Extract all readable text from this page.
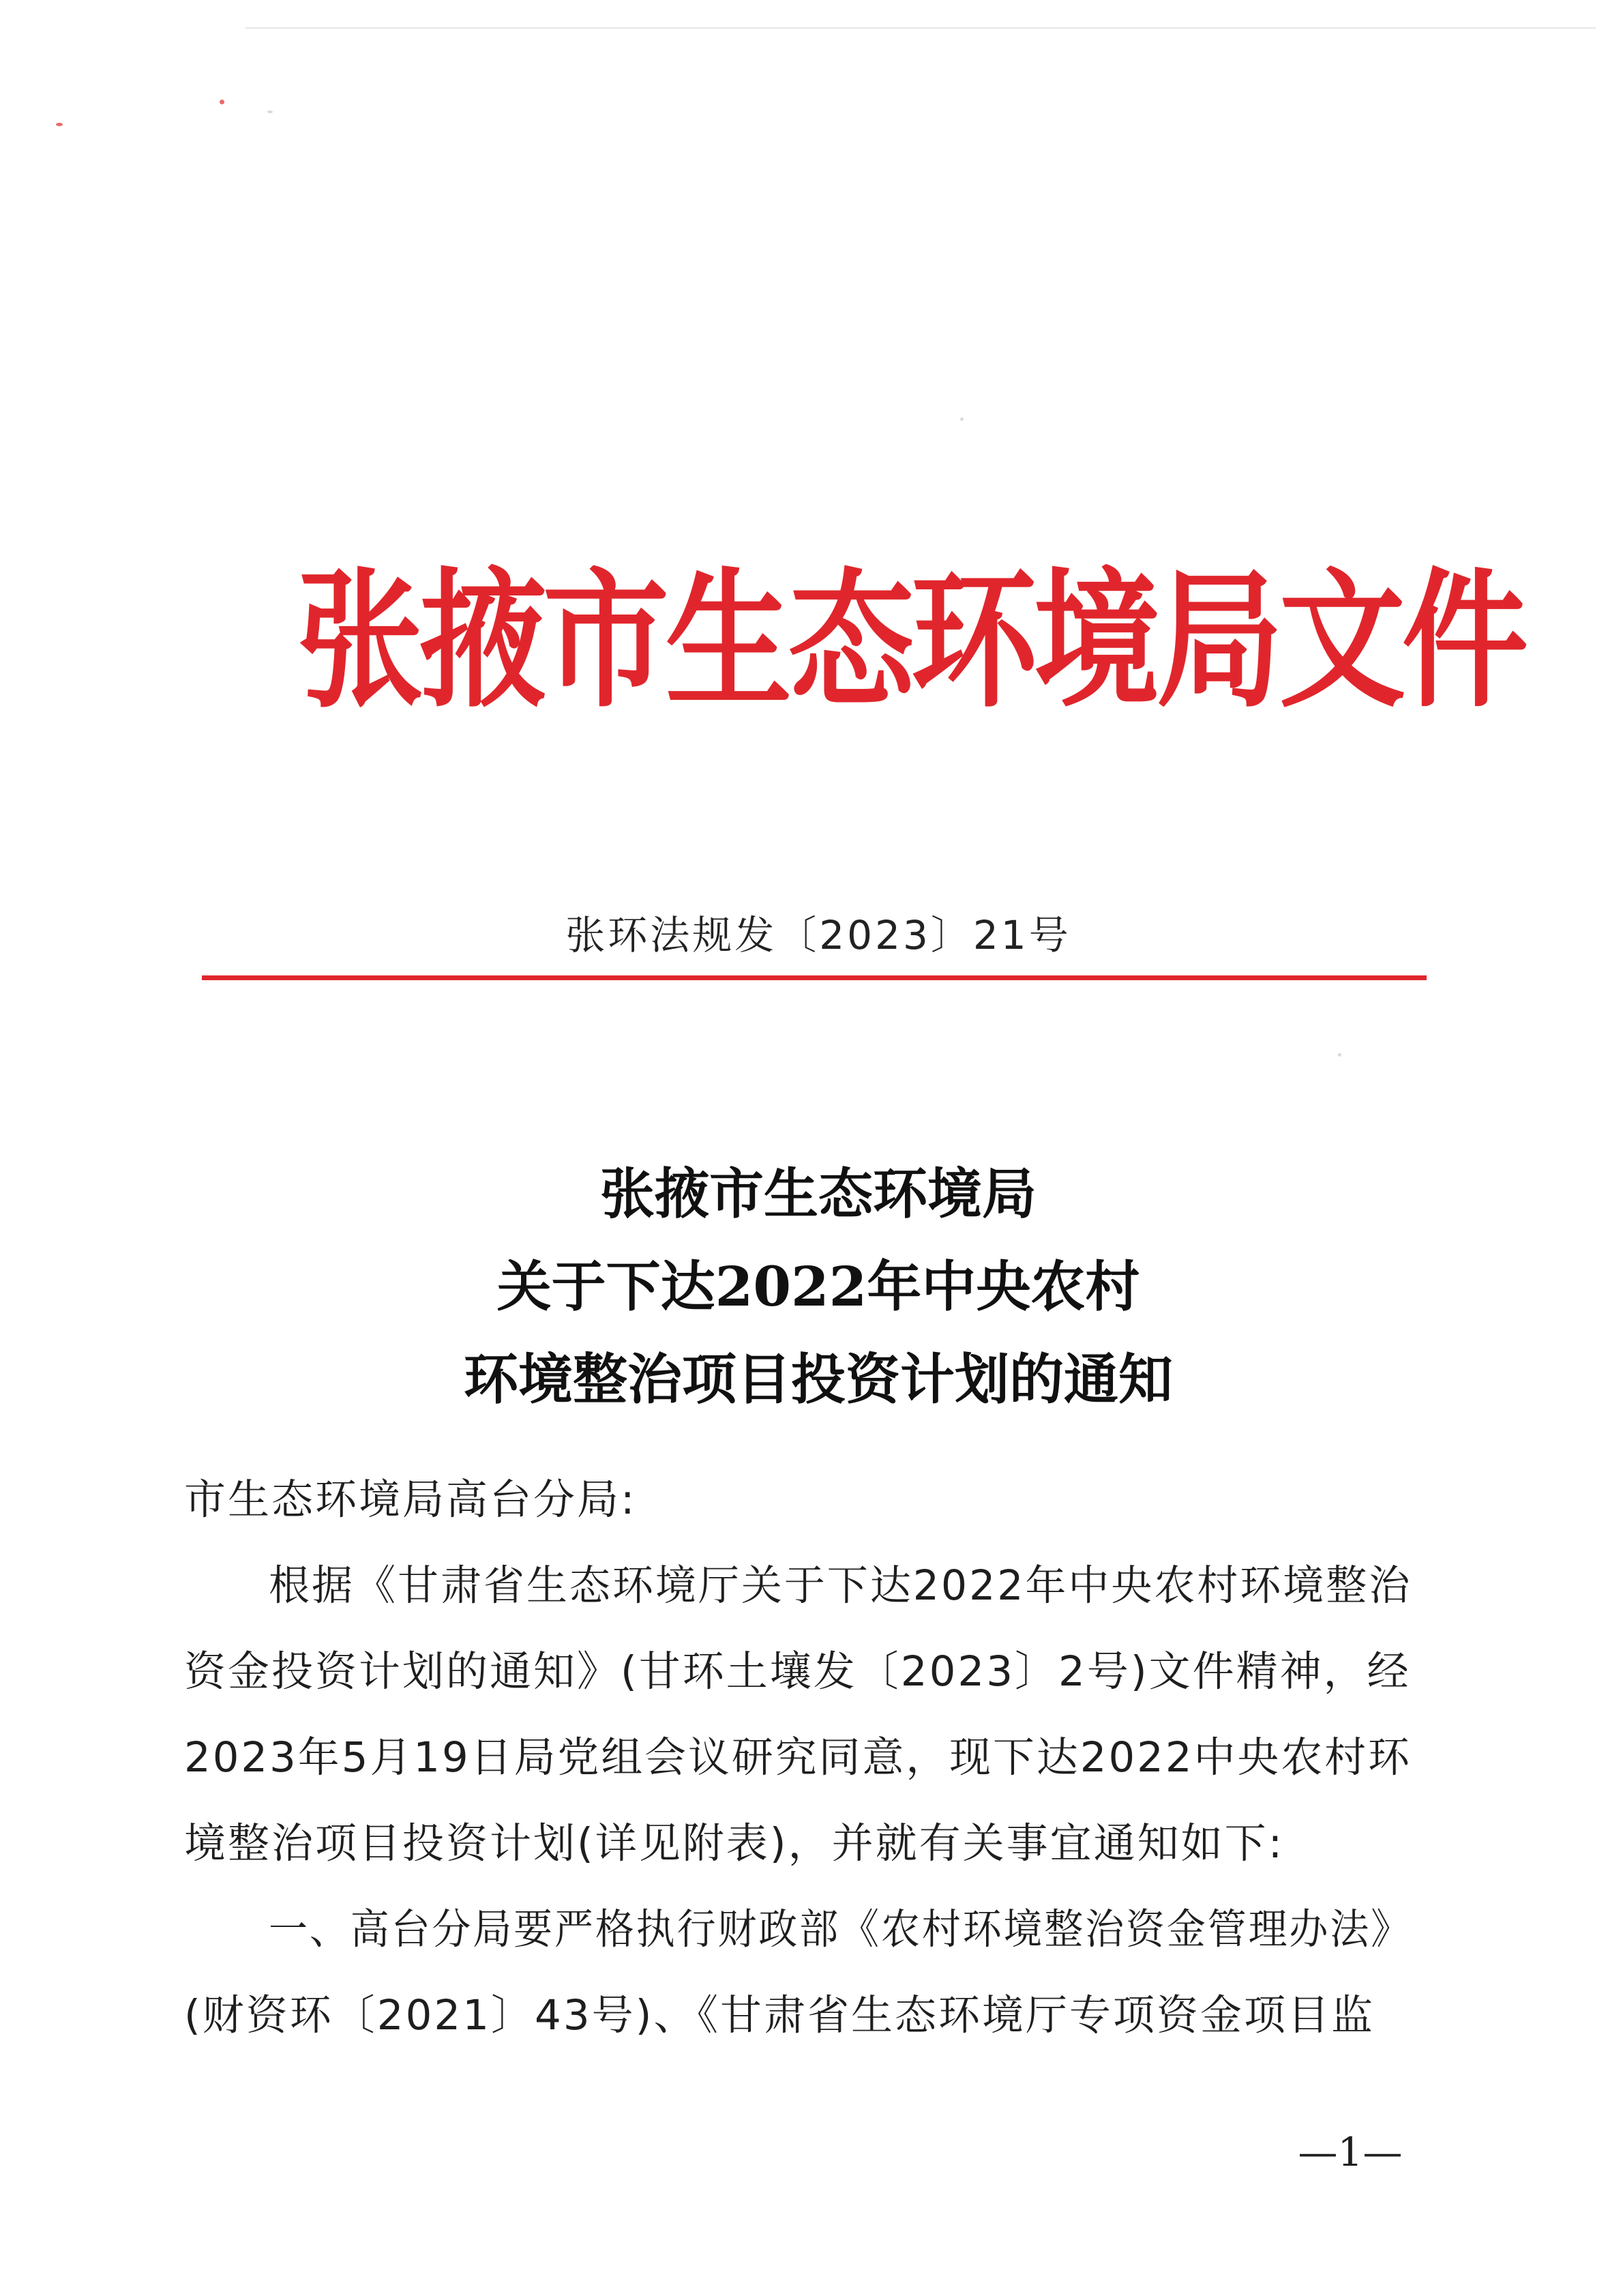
张掖市生态环境局文件
张环法规发〔2023〕21号
张掖市生态环境局
关于下达2022年中央农村
环境整治项目投资计划的通知
市生态环境局高台分局:
根据《甘肃省生态环境厅关于下达2022年中央农村环境整治
资金投资计划的通知》(甘环土壤发〔2023〕2号)文件精神，经
2023年5月19日局党组会议研究同意，现下达2022中央农村环
境整治项目投资计划(详见附表)，并就有关事宜通知如下:
一、高台分局要严格执行财政部《农村环境整治资金管理办法》
(财资环〔2021〕43号)、《甘肃省生态环境厅专项资金项目监
—1—
